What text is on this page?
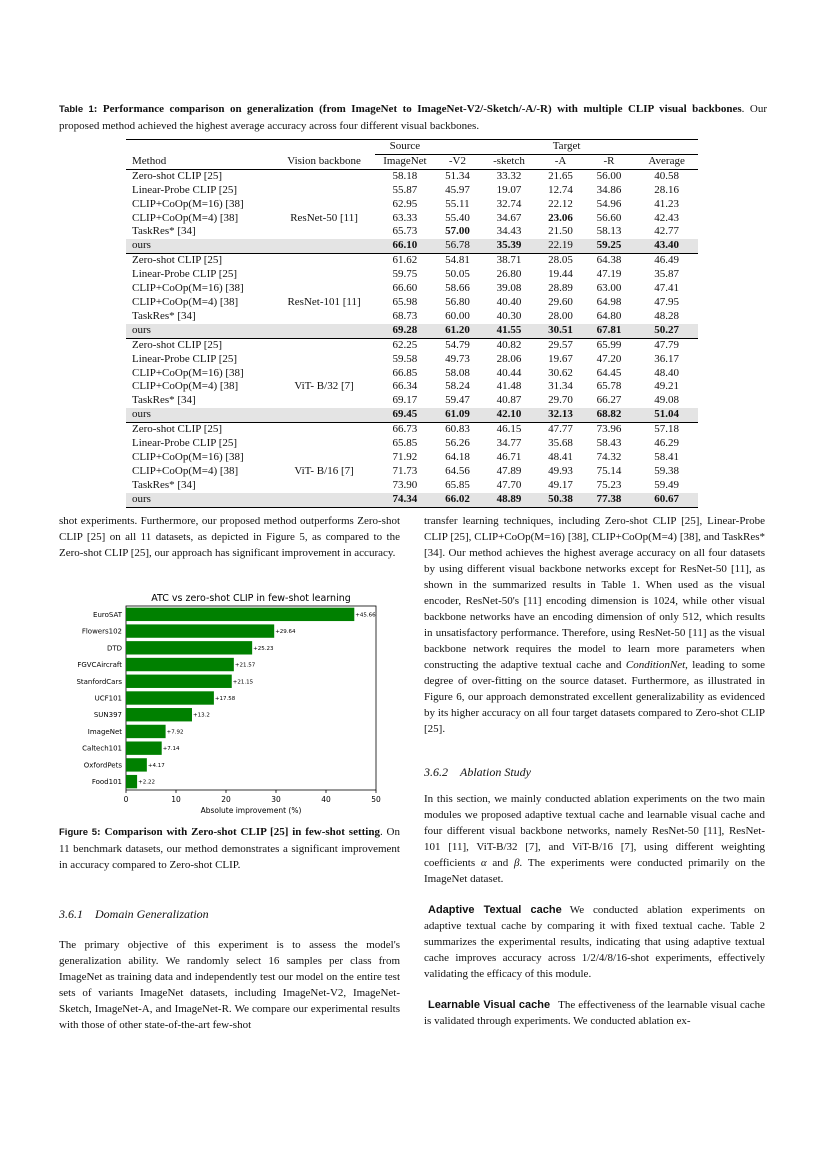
Table 1: Performance comparison on generalization (from ImageNet to ImageNet-V2/-Sketch/-A/-R) with multiple CLIP visual backbones. Our proposed method achieved the highest average accuracy across four different visual backbones.
		Source	Target				
Method	Vision backbone	ImageNet	-V2	-sketch	-A	-R	Average
Zero-shot CLIP [25]		58.18	51.34	33.32	21.65	56.00	40.58
Linear-Probe CLIP [25]		55.87	45.97	19.07	12.74	34.86	28.16
CLIP+CoOp(M=16) [38]		62.95	55.11	32.74	22.12	54.96	41.23
CLIP+CoOp(M=4) [38]	ResNet-50 [11]	63.33	55.40	34.67	23.06	56.60	42.43
TaskRes* [34]		65.73	57.00	34.43	21.50	58.13	42.77
ours		66.10	56.78	35.39	22.19	59.25	43.40
Zero-shot CLIP [25]		61.62	54.81	38.71	28.05	64.38	46.49
Linear-Probe CLIP [25]		59.75	50.05	26.80	19.44	47.19	35.87
CLIP+CoOp(M=16) [38]		66.60	58.66	39.08	28.89	63.00	47.41
CLIP+CoOp(M=4) [38]	ResNet-101 [11]	65.98	56.80	40.40	29.60	64.98	47.95
TaskRes* [34]		68.73	60.00	40.30	28.00	64.80	48.28
ours		69.28	61.20	41.55	30.51	67.81	50.27
Zero-shot CLIP [25]		62.25	54.79	40.82	29.57	65.99	47.79
Linear-Probe CLIP [25]		59.58	49.73	28.06	19.67	47.20	36.17
CLIP+CoOp(M=16) [38]		66.85	58.08	40.44	30.62	64.45	48.40
CLIP+CoOp(M=4) [38]	ViT- B/32 [7]	66.34	58.24	41.48	31.34	65.78	49.21
TaskRes* [34]		69.17	59.47	40.87	29.70	66.27	49.08
ours		69.45	61.09	42.10	32.13	68.82	51.04
Zero-shot CLIP [25]		66.73	60.83	46.15	47.77	73.96	57.18
Linear-Probe CLIP [25]		65.85	56.26	34.77	35.68	58.43	46.29
CLIP+CoOp(M=16) [38]		71.92	64.18	46.71	48.41	74.32	58.41
CLIP+CoOp(M=4) [38]	ViT- B/16 [7]	71.73	64.56	47.89	49.93	75.14	59.38
TaskRes* [34]		73.90	65.85	47.70	49.17	75.23	59.49
ours		74.34	66.02	48.89	50.38	77.38	60.67
shot experiments. Furthermore, our proposed method outperforms Zero-shot CLIP [25] on all 11 datasets, as depicted in Figure 5, as compared to the Zero-shot CLIP [25], our approach has significant improvement in accuracy.
ATC vs zero-shot CLIP in few-shot learning
EuroSAT	+45.66
Flowers102	+29.64
DTD	+25.23
FGVCAircraft	+21.57
StanfordCars	+21.15
UCF101	+17.58
SUN397	+13.2
ImageNet	+7.92
Caltech101	+7.14
OxfordPets	+4.17
Food101	+2.22
0	10	20	30	40	50
Absolute improvement (%)
Figure 5: Comparison with Zero-shot CLIP [25] in few-shot setting. On 11 benchmark datasets, our method demonstrates a significant improvement in accuracy compared to Zero-shot CLIP.
3.6.1 Domain Generalization
The primary objective of this experiment is to assess the model's generalization ability. We randomly select 16 samples per class from ImageNet as training data and independently test our model on the entire test sets of variants ImageNet datasets, including ImageNet-V2, ImageNet-Sketch, ImageNet-A, and ImageNet-R. We compare our experimental results with those of other state-of-the-art few-shot
transfer learning techniques, including Zero-shot CLIP [25], Linear-Probe CLIP [25], CLIP+CoOp(M=16) [38], CLIP+CoOp(M=4) [38], and TaskRes* [34]. Our method achieves the highest average accuracy on all four datasets by using different visual backbone networks except for ResNet-50 [11], as shown in the summarized results in Table 1. When used as the visual encoder, ResNet-50's [11] encoding dimension is 1024, while other visual backbone networks have an encoding dimension of only 512, which results in unsatisfactory performance. Therefore, using ResNet-50 [11] as the visual backbone network requires the model to learn more parameters when constructing the adaptive textual cache and ConditionNet, leading to some degree of over-fitting on the source dataset. Furthermore, as illustrated in Figure 6, our approach demonstrated excellent generalizability as evidenced by its higher accuracy on all four target datasets compared to Zero-shot CLIP [25].
3.6.2 Ablation Study
In this section, we mainly conducted ablation experiments on the two main modules we proposed adaptive textual cache and learnable visual cache and four different visual backbone networks, namely ResNet-50 [11], ResNet-101 [11], ViT-B/32 [7], and ViT-B/16 [7], using different weighting coefficients α and β. The experiments were conducted primarily on the ImageNet dataset.
Adaptive Textual cache We conducted ablation experiments on adaptive textual cache by comparing it with fixed textual cache. Table 2 summarizes the experimental results, indicating that using adaptive textual cache improves accuracy across 1/2/4/8/16-shot experiments, effectively validating the efficacy of this module.
Learnable Visual cache The effectiveness of the learnable visual cache is validated through experiments. We conducted ablation ex-
